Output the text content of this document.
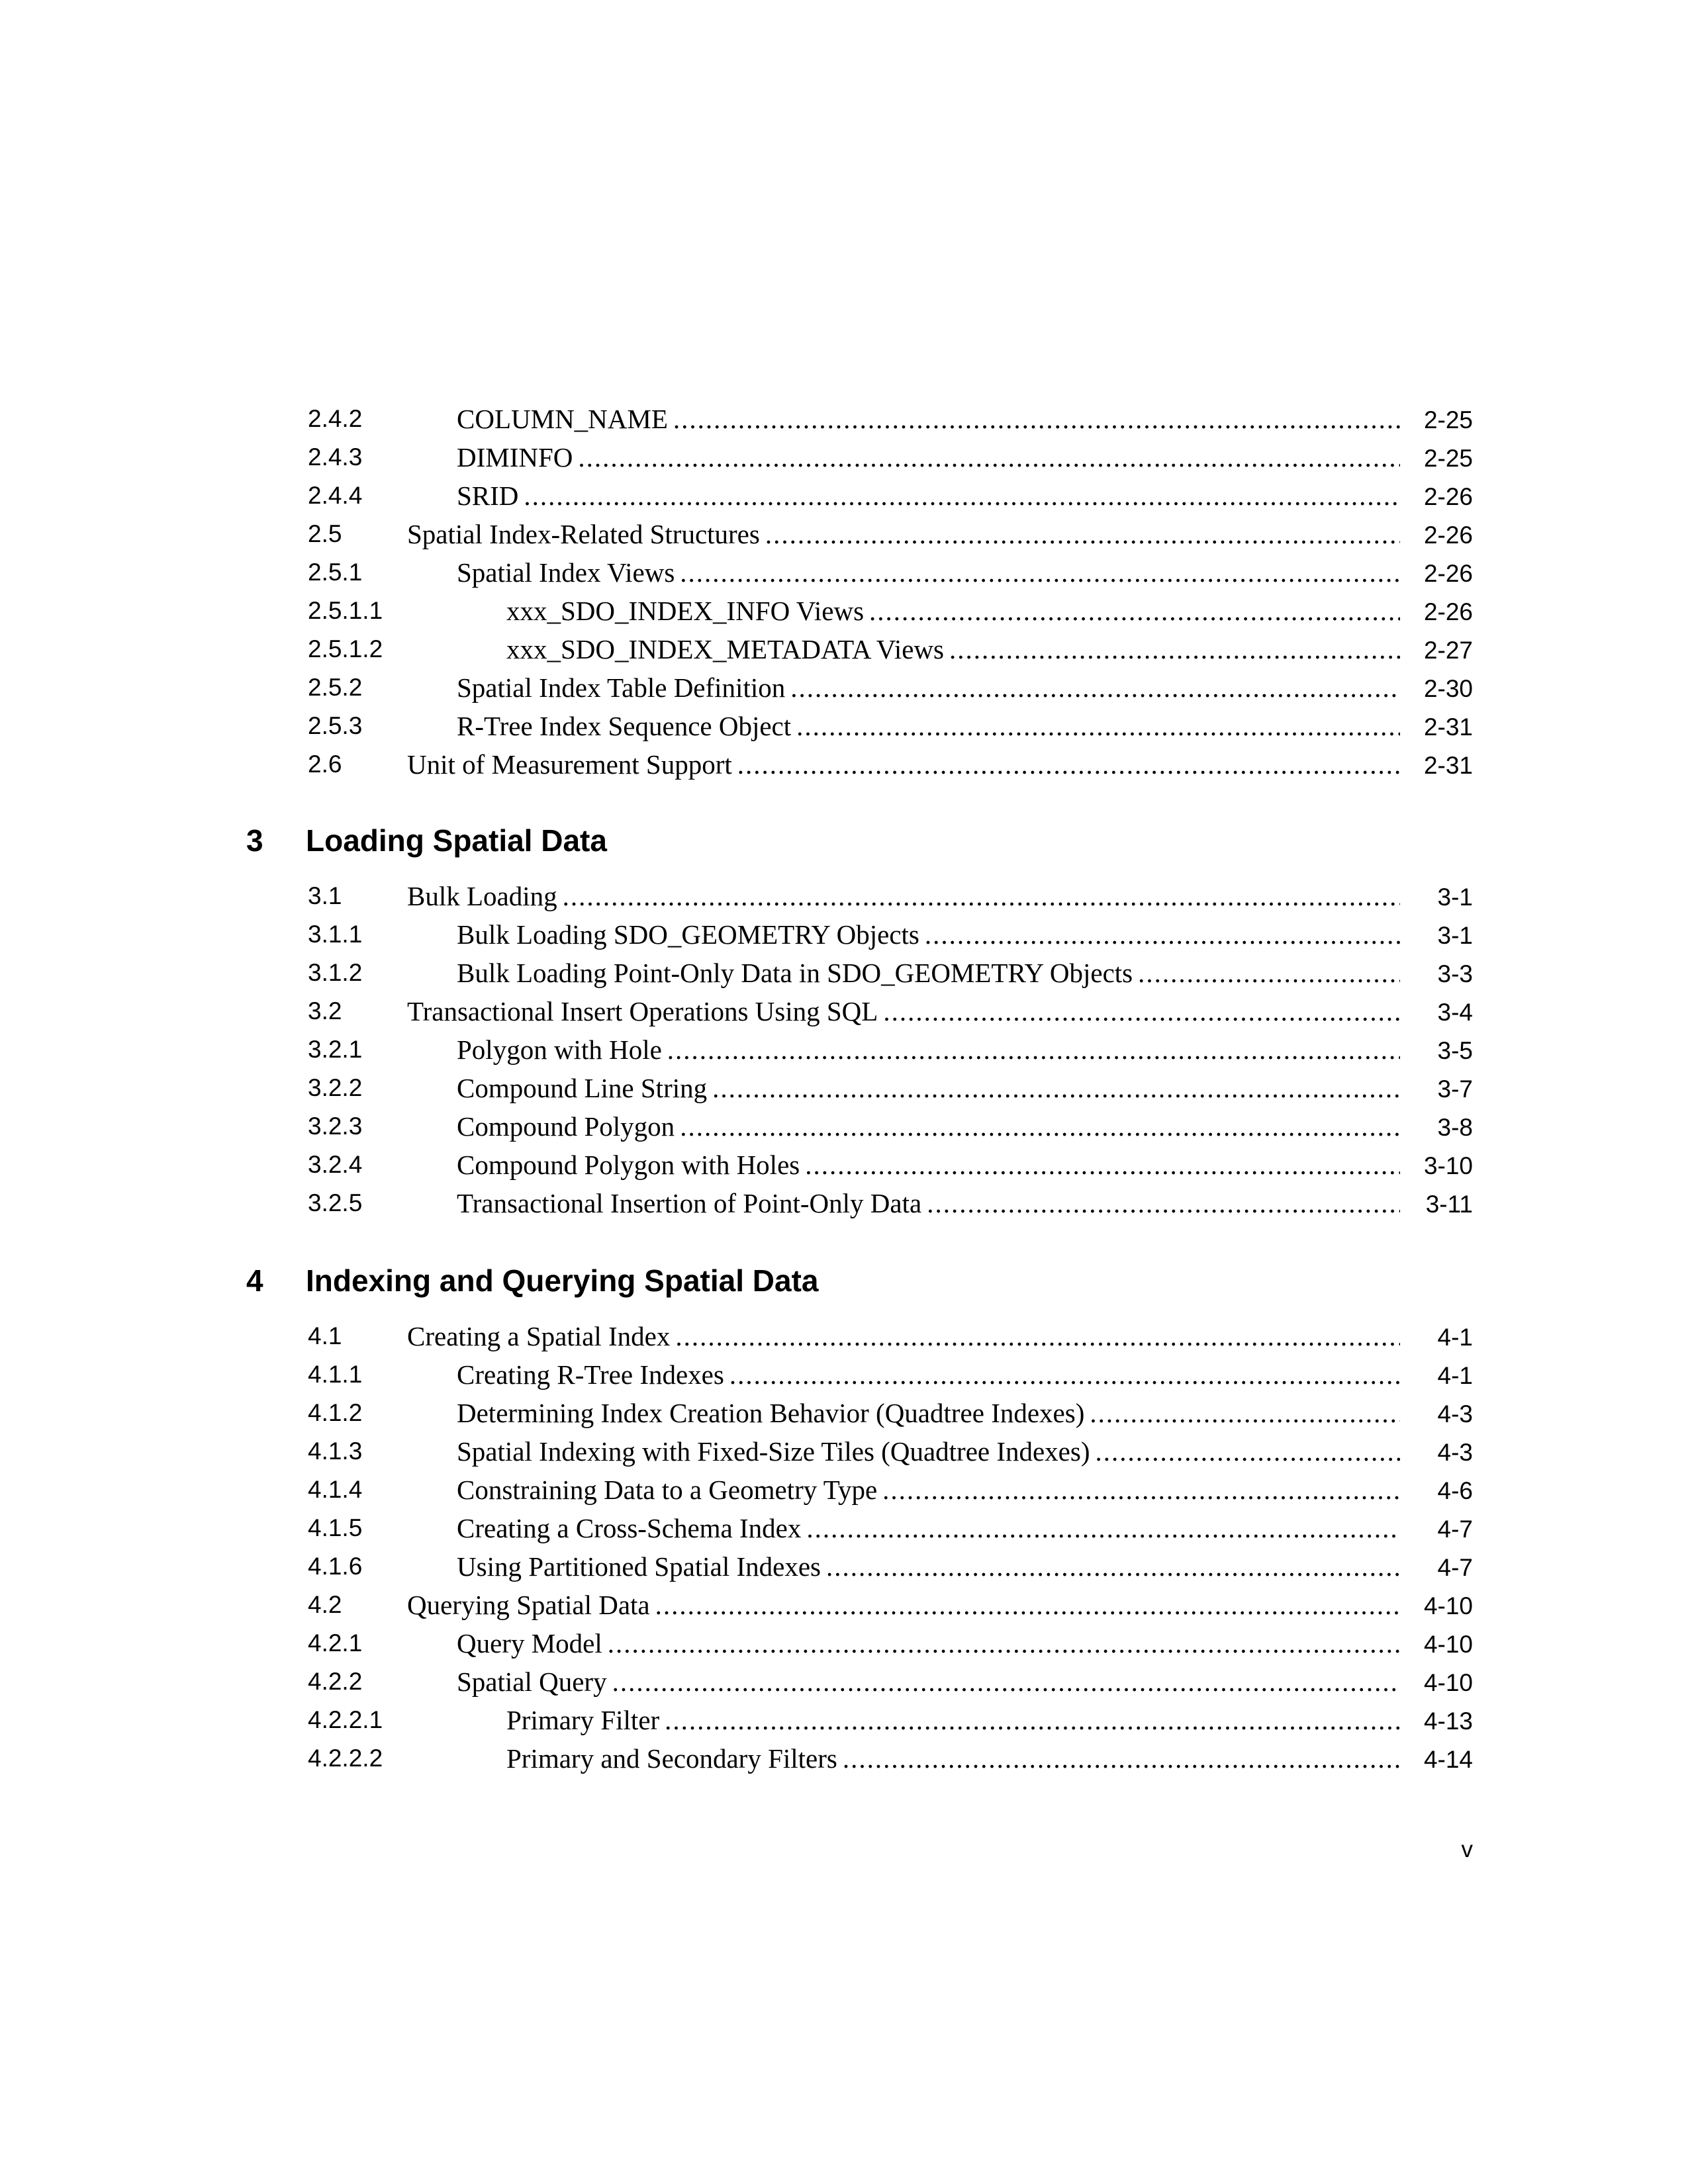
2.4.2	COLUMN_NAME .....	2-25
2.4.3	DIMINFO .....	2-25
2.4.4	SRID .....	2-26
2.5 Spatial Index-Related Structures .....	2-26
2.5.1	Spatial Index Views .....	2-26
2.5.1.1	xxx_SDO_INDEX_INFO Views .....	2-26
2.5.1.2	xxx_SDO_INDEX_METADATA Views .....	2-27
2.5.2	Spatial Index Table Definition .....	2-30
2.5.3	R-Tree Index Sequence Object .....	2-31
2.6 Unit of Measurement Support .....	2-31
3	Loading Spatial Data
3.1 Bulk Loading .....	3-1
3.1.1	Bulk Loading SDO_GEOMETRY Objects .....	3-1
3.1.2	Bulk Loading Point-Only Data in SDO_GEOMETRY Objects .....	3-3
3.2 Transactional Insert Operations Using SQL .....	3-4
3.2.1	Polygon with Hole .....	3-5
3.2.2	Compound Line String .....	3-7
3.2.3	Compound Polygon .....	3-8
3.2.4	Compound Polygon with Holes .....	3-10
3.2.5	Transactional Insertion of Point-Only Data .....	3-11
4	Indexing and Querying Spatial Data
4.1 Creating a Spatial Index .....	4-1
4.1.1	Creating R-Tree Indexes .....	4-1
4.1.2	Determining Index Creation Behavior (Quadtree Indexes) .....	4-3
4.1.3	Spatial Indexing with Fixed-Size Tiles (Quadtree Indexes) .....	4-3
4.1.4	Constraining Data to a Geometry Type .....	4-6
4.1.5	Creating a Cross-Schema Index .....	4-7
4.1.6	Using Partitioned Spatial Indexes .....	4-7
4.2 Querying Spatial Data .....	4-10
4.2.1	Query Model .....	4-10
4.2.2	Spatial Query .....	4-10
4.2.2.1	Primary Filter .....	4-13
4.2.2.2	Primary and Secondary Filters .....	4-14
v
